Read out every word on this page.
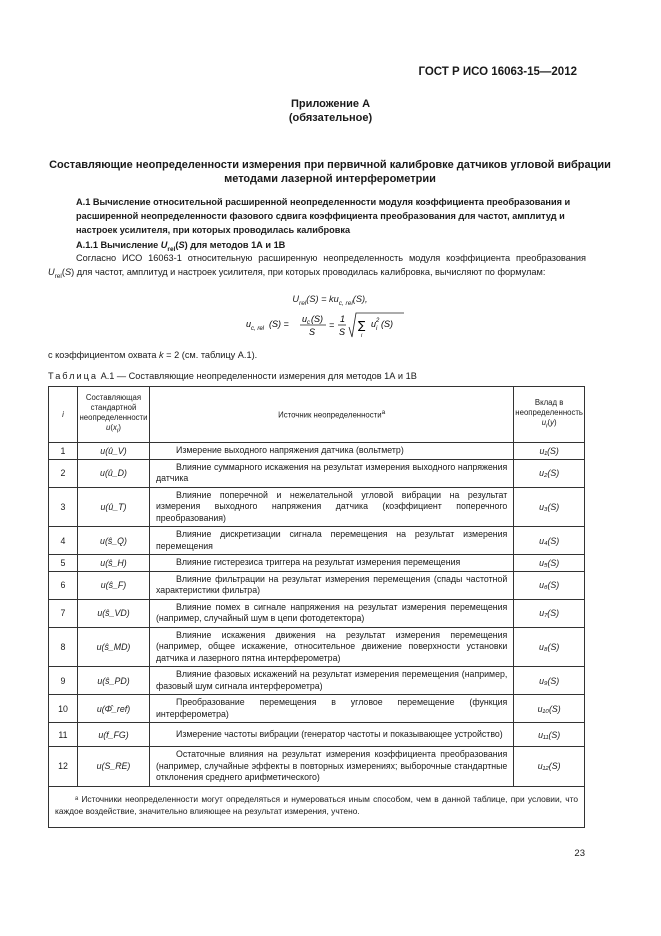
ГОСТ Р ИСО 16063-15—2012
Приложение А
(обязательное)
Составляющие неопределенности измерения при первичной калибровке датчиков угловой вибрации методами лазерной интерферометрии
А.1 Вычисление относительной расширенной неопределенности модуля коэффициента преобразования и расширенной неопределенности фазового сдвига коэффициента преобразования для частот, амплитуд и настроек усилителя, при которых проводилась калибровка
А.1.1 Вычисление $U_{rel}(S)$ для методов 1А и 1В
Согласно ИСО 16063-1 относительную расширенную неопределенность модуля коэффициента преобразования $U_{rel}(S)$ для частот, амплитуд и настроек усилителя, при которых проводилась калибровка, вычисляют по формулам:
$U_{rel}(S) = ku_{c, rel}(S)$,
u c, rel (S) = u c (S)
S
=
1
S ∑
i
u 2
i (S)
с коэффициентом охвата k = 2 (см. таблицу А.1).
Таблица А.1 — Составляющие неопределенности измерения для методов 1А и 1В
i	Составляющая стандартной неопределенности $u(x_i)$	Источник неопределенности$^a$	Вклад в неопределенность $u_i(y)$
1	u(û_V)	Измерение выходного напряжения датчика (вольтметр)	u₁(S)
2	u(û_D)	Влияние суммарного искажения на результат измерения выходного напряжения датчика	u₂(S)
3	u(û_T)	Влияние поперечной и нежелательной угловой вибрации на результат измерения выходного напряжения датчика (коэффициент поперечного преобразования)	u₃(S)
4	u(ŝ_Q)	Влияние дискретизации сигнала перемещения на результат измерения перемещения	u₄(S)
5	u(ŝ_H)	Влияние гистерезиса триггера на результат измерения перемещения	u₅(S)
6	u(ŝ_F)	Влияние фильтрации на результат измерения перемещения (спады частотной характеристики фильтра)	u₆(S)
7	u(ŝ_VD)	Влияние помех в сигнале напряжения на результат измерения перемещения (например, случайный шум в цепи фотодетектора)	u₇(S)
8	u(ŝ_MD)	Влияние искажения движения на результат измерения перемещения (например, общее искажение, относительное движение поверхности установки датчика и лазерного пятна интерферометра)	u₈(S)
9	u(ŝ_PD)	Влияние фазовых искажений на результат измерения перемещения (например, фазовый шум сигнала интерферометра)	u₉(S)
10	u(Φ̂_ref)	Преобразование перемещения в угловое перемещение (функция интерферометра)	u₁₀(S)
11	u(f_FG)	Измерение частоты вибрации (генератор частоты и показывающее устройство)	u₁₁(S)
12	u(S_RE)	Остаточные влияния на результат измерения коэффициента преобразования (например, случайные эффекты в повторных измерениях; выборочные стандартные отклонения среднего арифметического)	u₁₂(S)
ᵃ Источники неопределенности могут определяться и нумероваться иным способом, чем в данной таблице, при условии, что каждое воздействие, значительно влияющее на результат измерения, учтено.			
23
